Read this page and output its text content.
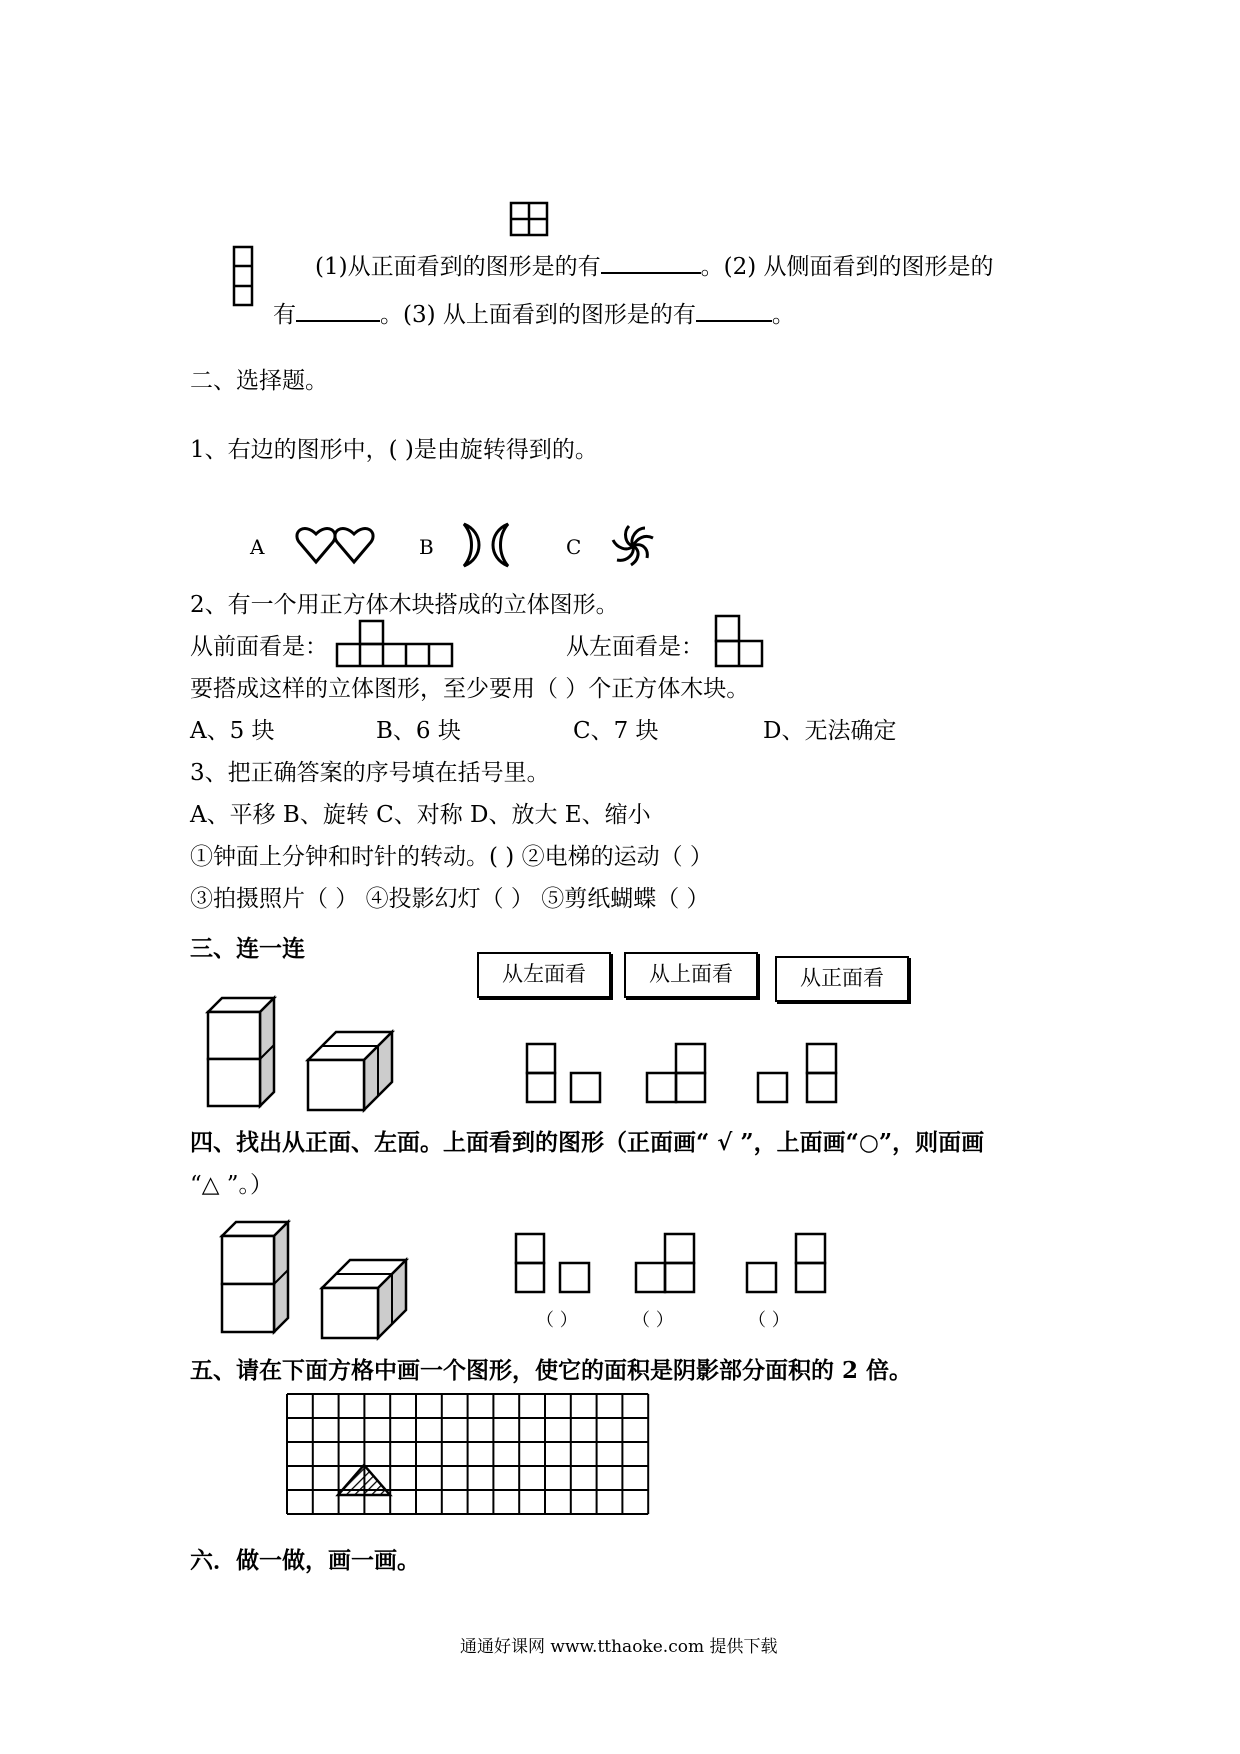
(1)从正面看到的图形是的有	。(2) 从侧面看到的图形是的
有	。(3) 从上面看到的图形是的有	。
二、选择题。
1、右边的图形中，( )是由旋转得到的。
A	B	C
2、有一个用正方体木块搭成的立体图形。
从前面看是：	从左面看是：
要搭成这样的立体图形，至少要用（ ）个正方体木块。
A、5 块	B、6 块	C、7 块	D、无法确定
3、把正确答案的序号填在括号里。
A、平移 B、旋转 C、对称 D、放大 E、缩小
①钟面上分钟和时针的转动。( ) ②电梯的运动（ ）
③拍摄照片（ ） ④投影幻灯（ ） ⑤剪纸蝴蝶（ ）
三、连一连
从左面看	从上面看	从正面看
四、找出从正面、左面。上面看到的图形（正面画“ √ ”，上面画“○”，则面画
“△ ”。）
（ ）	（ ）	（ ）
五、请在下面方格中画一个图形，使它的面积是阴影部分面积的 2 倍。
六．做一做，画一画。
通通好课网 www.tthaoke.com 提供下载
